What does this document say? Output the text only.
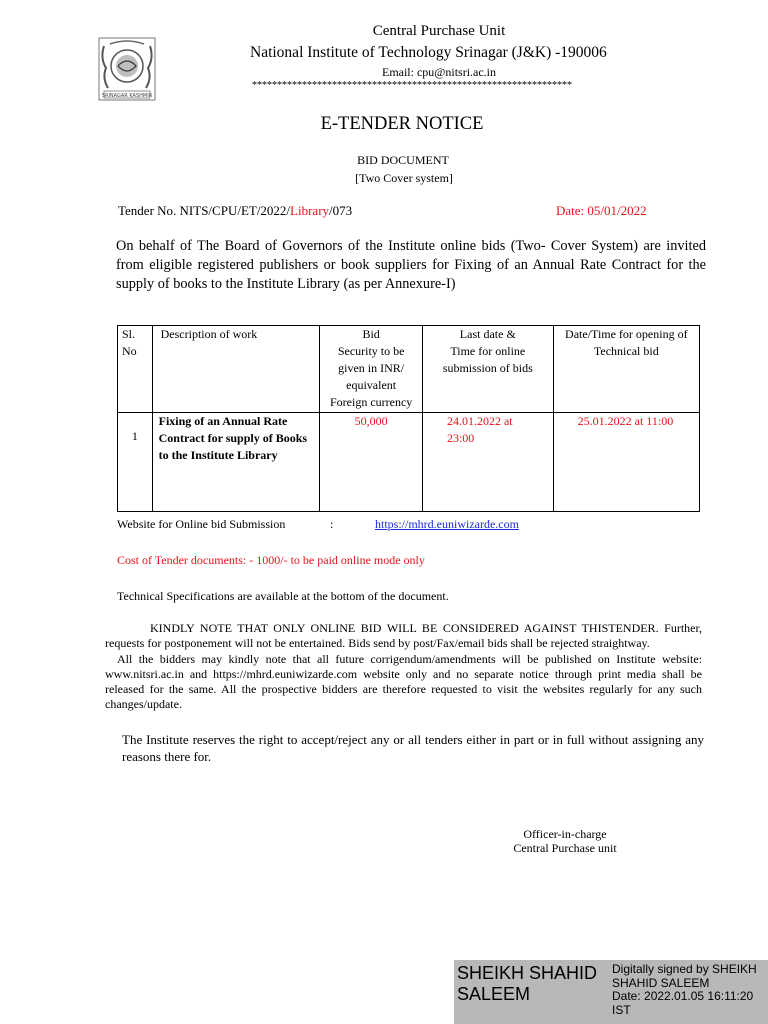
SRINAGAR KASHMIR
Central Purchase Unit
National Institute of Technology Srinagar (J&K) -190006
Email: cpu@nitsri.ac.in
****************************************************************
E-TENDER NOTICE
BID DOCUMENT
[Two Cover system]
Tender No. NITS/CPU/ET/2022/Library/073	Date: 05/01/2022
On behalf of The Board of Governors of the Institute online bids (Two- Cover System) are invited from eligible registered publishers or book suppliers for Fixing of an Annual Rate Contract for the supply of books to the Institute Library (as per Annexure-I)
Sl.
No	Description of work	Bid
Security to be given in INR/
equivalent
Foreign currency	Last date &
Time for online submission of bids	Date/Time for opening of Technical bid
1	Fixing of an Annual Rate Contract for supply of Books to the Institute Library	50,000	24.01.2022 at
23:00	25.01.2022 at 11:00
Website for Online bid Submission	:	https://mhrd.euniwizarde.com
Cost of Tender documents: - 1000/- to be paid online mode only
Technical Specifications are available at the bottom of the document.
KINDLY NOTE THAT ONLY ONLINE BID WILL BE CONSIDERED AGAINST THISTENDER. Further, requests for postponement will not be entertained. Bids send by post/Fax/email bids shall be rejected straightway.
All the bidders may kindly note that all future corrigendum/amendments will be published on Institute website: www.nitsri.ac.in and https://mhrd.euniwizarde.com website only and no separate notice through print media shall be released for the same. All the prospective bidders are therefore requested to visit the websites regularly for any such changes/update.
The Institute reserves the right to accept/reject any or all tenders either in part or in full without assigning any reasons there for.
Officer-in-charge
Central Purchase unit
SHEIKH SHAHID SALEEM
Digitally signed by SHEIKH SHAHID SALEEM
Date: 2022.01.05 16:11:20
IST
